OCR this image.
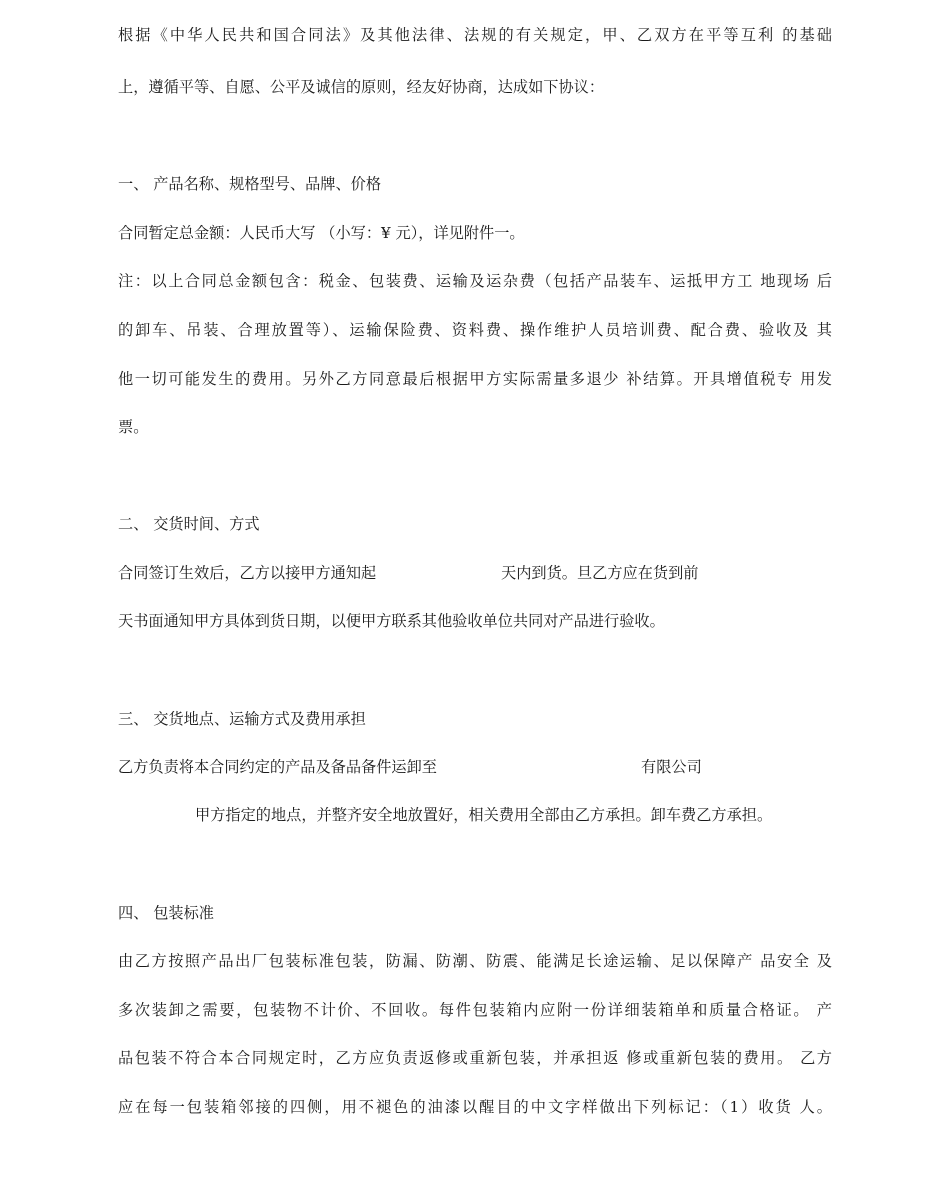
根据《中华人民共和国合同法》及其他法律、法规的有关规定，甲、乙双方在平等互利 的基础
上，遵循平等、自愿、公平及诚信的原则，经友好协商，达成如下协议：
一、 产品名称、规格型号、品牌、价格
合同暂定总金额：人民币大写 （小写：¥ 元），详见附件一。
注：以上合同总金额包含：税金、包装费、运输及运杂费（包括产品装车、运抵甲方工 地现场 后
的卸车、吊装、合理放置等）、运输保险费、资料费、操作维护人员培训费、配合费、验收及 其
他一切可能发生的费用。另外乙方同意最后根据甲方实际需量多退少 补结算。开具增值税专 用发
票。
二、 交货时间、方式
合同签订生效后，乙方以接甲方通知起	天内到货。旦乙方应在货到前
天书面通知甲方具体到货日期，以便甲方联系其他验收单位共同对产品进行验收。
三、 交货地点、运输方式及费用承担
乙方负责将本合同约定的产品及备品备件运卸至	有限公司
甲方指定的地点，并整齐安全地放置好，相关费用全部由乙方承担。卸车费乙方承担。
四、 包装标准
由乙方按照产品出厂包装标准包装，防漏、防潮、防震、能满足长途运输、足以保障产 品安全 及
多次装卸之需要，包装物不计价、不回收。每件包装箱内应附一份详细装箱单和质量合格证。 产
品包装不符合本合同规定时，乙方应负责返修或重新包装，并承担返 修或重新包装的费用。 乙方
应在每一包装箱邻接的四侧，用不褪色的油漆以醒目的中文字样做出下列标记：（1）收货 人。
